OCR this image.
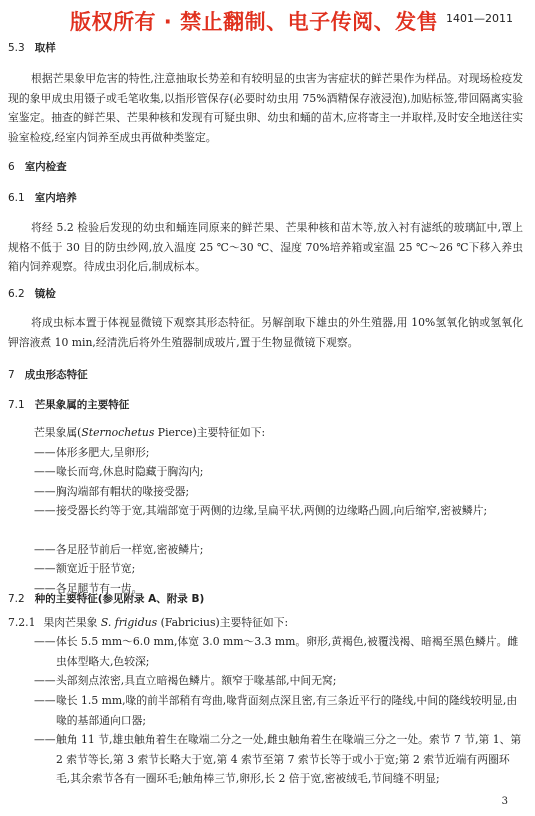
版权所有 · 禁止翻制、电子传阅、发售 1401—2011
5.3 取样
根据芒果象甲危害的特性,注意抽取长势差和有较明显的虫害为害症状的鲜芒果作为样品。对现场检疫发现的象甲成虫用镊子或毛笔收集,以指形管保存(必要时幼虫用 75%酒精保存液浸泡),加贴标签,带回隔离实验室鉴定。抽查的鲜芒果、芒果种核和发现有可疑虫卵、幼虫和蛹的苗木,应将寄主一并取样,及时安全地送往实验室检疫,经室内饲养至成虫再做种类鉴定。
6 室内检查
6.1 室内培养
将经 5.2 检验后发现的幼虫和蛹连同原来的鲜芒果、芒果种核和苗木等,放入衬有滤纸的玻璃缸中,罩上规格不低于 30 目的防虫纱网,放入温度 25 ℃～30 ℃、湿度 70%培养箱或室温 25 ℃～26 ℃下移入养虫箱内饲养观察。待成虫羽化后,制成标本。
6.2 镜检
将成虫标本置于体视显微镜下观察其形态特征。另解剖取下雄虫的外生殖器,用 10%氢氧化钠或氢氧化钾溶液煮 10 min,经清洗后将外生殖器制成玻片,置于生物显微镜下观察。
7 成虫形态特征
7.1 芒果象属的主要特征
芒果象属(Sternochetus Pierce)主要特征如下:
—— 体形多肥大,呈卵形;
—— 喙长而弯,休息时隐藏于胸沟内;
—— 胸沟端部有帽状的喙接受器;
—— 接受器长约等于宽,其端部宽于两侧的边缘,呈扁平状,两侧的边缘略凸圆,向后缩窄,密被鳞片;
—— 各足胫节前后一样宽,密被鳞片;
—— 额宽近于胫节宽;
—— 各足腿节有一齿。
7.2 种的主要特征(参见附录 A、附录 B)
7.2.1 果肉芒果象 S. frigidus (Fabricius)主要特征如下:
—— 体长 5.5 mm～6.0 mm,体宽 3.0 mm～3.3 mm。卵形,黄褐色,被覆浅褐、暗褐至黑色鳞片。雌虫体型略大,色较深;
—— 头部刻点浓密,具直立暗褐色鳞片。额窄于喙基部,中间无窝;
—— 喙长 1.5 mm,喙的前半部稍有弯曲,喙背面刻点深且密,有三条近平行的隆线,中间的隆线较明显,由喙的基部通向口器;
—— 触角 11 节,雄虫触角着生在喙端二分之一处,雌虫触角着生在喙端三分之一处。索节 7 节,第 1、第 2 索节等长,第 3 索节长略大于宽,第 4 索节至第 7 索节长等于或小于宽;第 2 索节近端有两圈环毛,其余索节各有一圈环毛;触角棒三节,卵形,长 2 倍于宽,密被绒毛,节间缝不明显;
3
